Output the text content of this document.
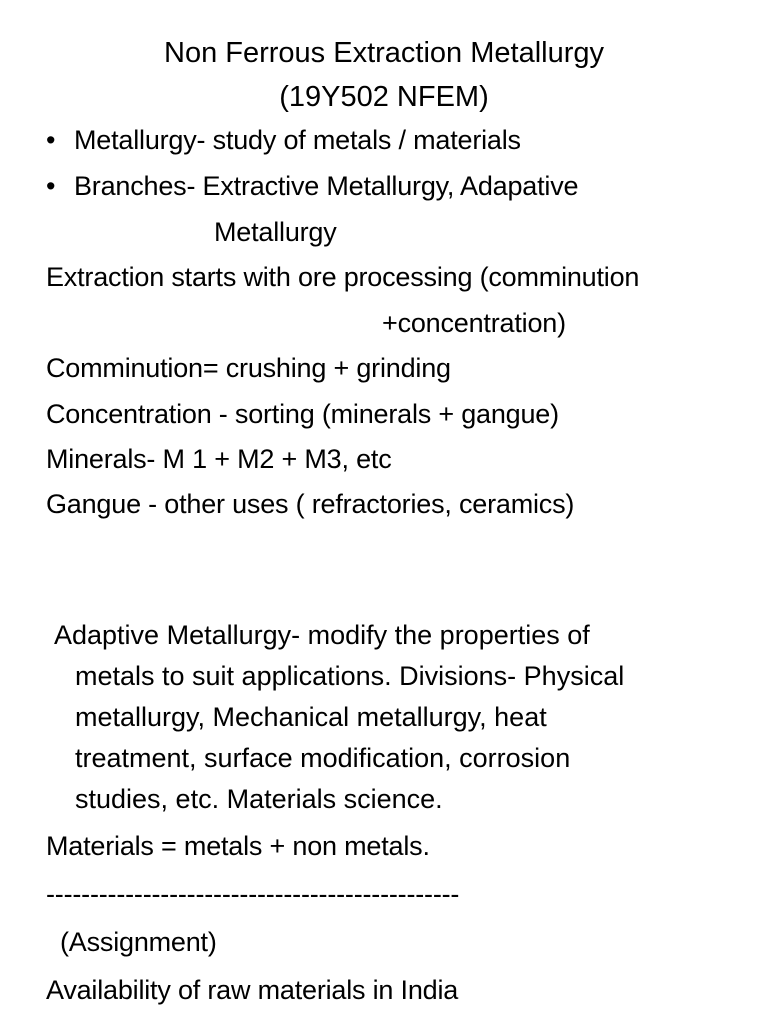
Non Ferrous Extraction Metallurgy
(19Y502 NFEM)
• Metallurgy- study of metals / materials
• Branches- Extractive Metallurgy, Adapative
Metallurgy
Extraction starts with ore processing (comminution
+concentration)
Comminution= crushing + grinding
Concentration - sorting (minerals + gangue)
Minerals- M 1 + M2 + M3, etc
Gangue - other uses ( refractories, ceramics)
Adaptive Metallurgy- modify the properties of
metals to suit applications. Divisions- Physical
metallurgy, Mechanical metallurgy, heat
treatment, surface modification, corrosion
studies, etc. Materials science.
Materials = metals + non metals.
-----------------------------------------------
(Assignment)
Availability of raw materials in India
